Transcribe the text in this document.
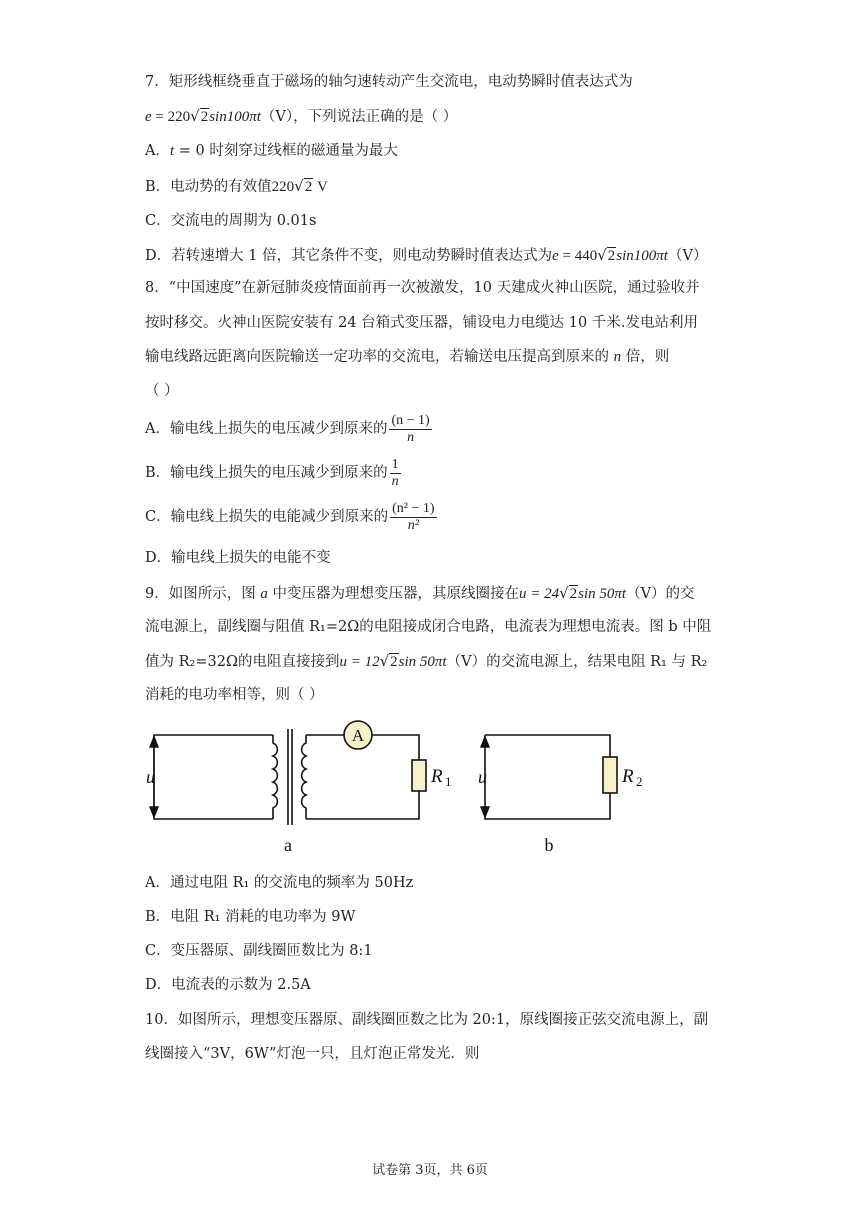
7．矩形线框绕垂直于磁场的轴匀速转动产生交流电，电动势瞬时值表达式为
e = 220√2sin100πt（V），下列说法正确的是（ ）
A．t = 0 时刻穿过线框的磁通量为最大
B．电动势的有效值220√2 V
C．交流电的周期为 0.01s
D．若转速增大 1 倍，其它条件不变，则电动势瞬时值表达式为e = 440√2sin100πt（V）
8．“中国速度”在新冠肺炎疫情面前再一次被激发，10 天建成火神山医院，通过验收并
按时移交。火神山医院安装有 24 台箱式变压器，铺设电力电缆达 10 千米.发电站利用
输电线路远距离向医院输送一定功率的交流电，若输送电压提高到原来的 n 倍，则
（ ）
A．输电线上损失的电压减少到原来的 $\frac{(n - 1)}{n}$
B．输电线上损失的电压减少到原来的 $\frac{1}{n}$
C．输电线上损失的电能减少到原来的 $\frac{\text{(n² − 1)}}{\text{n²}}$
D．输电线上损失的电能不变
9．如图所示，图 a 中变压器为理想变压器，其原线圈接在u = 24√2sin 50πt（V）的交
流电源上，副线圈与阻值 R₁=2Ω的电阻接成闭合电路，电流表为理想电流表。图 b 中阻
值为 R₂=32Ω的电阻直接接到u = 12√2sin 50πt（V）的交流电源上，结果电阻 R₁ 与 R₂
消耗的电功率相等，则（ ）
A
u	u
R 1	R 2
a	b
A．通过电阻 R₁ 的交流电的频率为 50Hz
B．电阻 R₁ 消耗的电功率为 9W
C．变压器原、副线圈匝数比为 8:1
D．电流表的示数为 2.5A
10．如图所示，理想变压器原、副线圈匝数之比为 20:1，原线圈接正弦交流电源上，副
线圈接入“3V，6W”灯泡一只，且灯泡正常发光．则
试卷第 3页，共 6页
